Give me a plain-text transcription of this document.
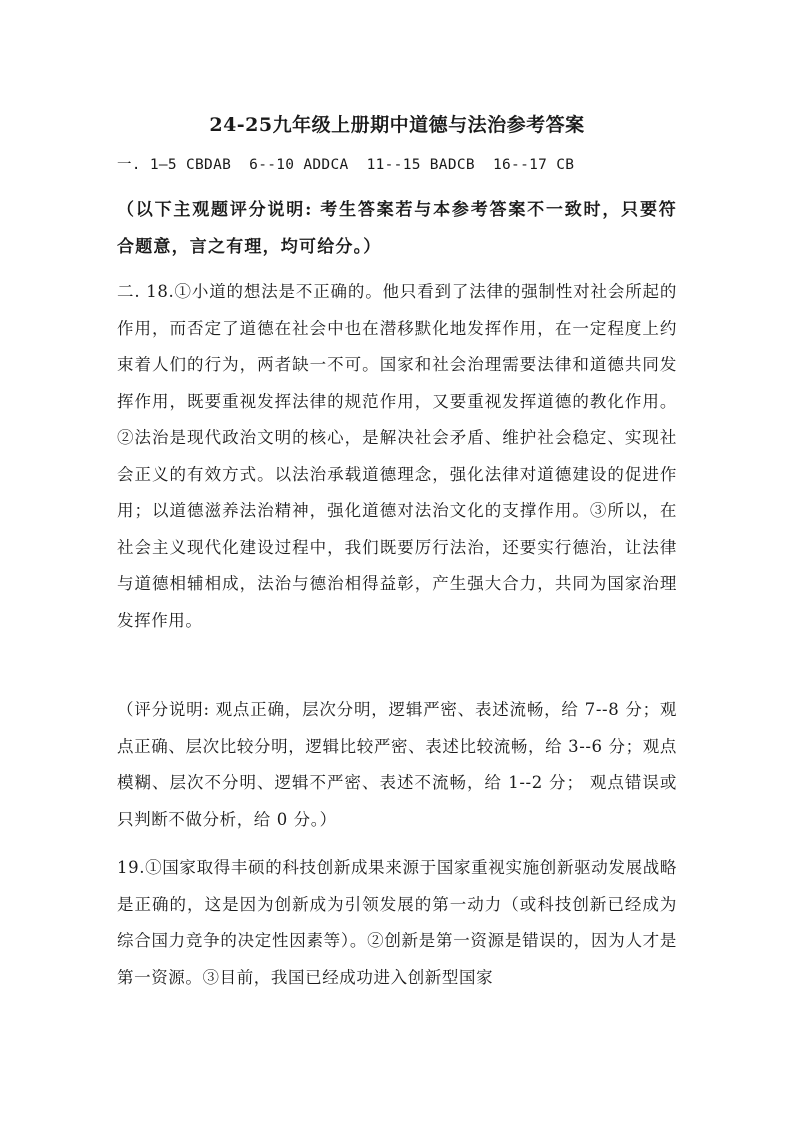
24-25九年级上册期中道德与法治参考答案
一. 1—5 CBDAB  6--10 ADDCA  11--15 BADCB  16--17 CB
（以下主观题评分说明: 考生答案若与本参考答案不一致时，只要符合题意，言之有理，均可给分。）
二. 18.①小道的想法是不正确的。他只看到了法律的强制性对社会所起的作用，而否定了道德在社会中也在潜移默化地发挥作用，在一定程度上约束着人们的行为，两者缺一不可。国家和社会治理需要法律和道德共同发挥作用，既要重视发挥法律的规范作用，又要重视发挥道德的教化作用。②法治是现代政治文明的核心，是解决社会矛盾、维护社会稳定、实现社会正义的有效方式。以法治承载道德理念，强化法律对道德建设的促进作用；以道德滋养法治精神，强化道德对法治文化的支撑作用。③所以，在社会主义现代化建设过程中，我们既要厉行法治，还要实行德治，让法律与道德相辅相成，法治与德治相得益彰，产生强大合力，共同为国家治理发挥作用。
（评分说明: 观点正确，层次分明，逻辑严密、表述流畅，给 7--8 分；观点正确、层次比较分明，逻辑比较严密、表述比较流畅，给 3--6 分；观点模糊、层次不分明、逻辑不严密、表述不流畅，给 1--2 分； 观点错误或只判断不做分析，给 0 分。）
19.①国家取得丰硕的科技创新成果来源于国家重视实施创新驱动发展战略是正确的，这是因为创新成为引领发展的第一动力（或科技创新已经成为综合国力竞争的决定性因素等）。②创新是第一资源是错误的，因为人才是第一资源。③目前，我国已经成功进入创新型国家
